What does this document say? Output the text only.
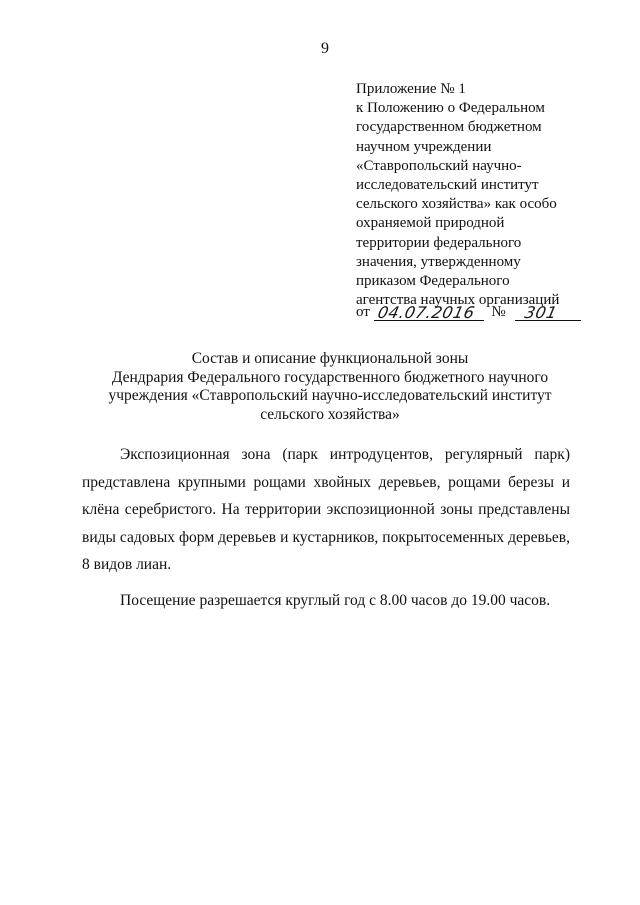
9
Приложение № 1
к Положению о Федеральном
государственном бюджетном
научном учреждении
«Ставропольский научно-
исследовательский институт
сельского хозяйства» как особо
охраняемой природной
территории федерального
значения, утвержденному
приказом Федерального
агентства научных организаций
от 04.07.2016 № 301
Состав и описание функциональной зоны
Дендрария Федерального государственного бюджетного научного
учреждения «Ставропольский научно-исследовательский институт
сельского хозяйства»

Экспозиционная зона (парк интродуцентов, регулярный парк)
представлена крупными рощами хвойных деревьев, рощами березы и
клёна серебристого. На территории экспозиционной зоны представлены
виды садовых форм деревьев и кустарников, покрытосеменных деревьев,
8 видов лиан.

Посещение разрешается круглый год с 8.00 часов до 19.00 часов.
